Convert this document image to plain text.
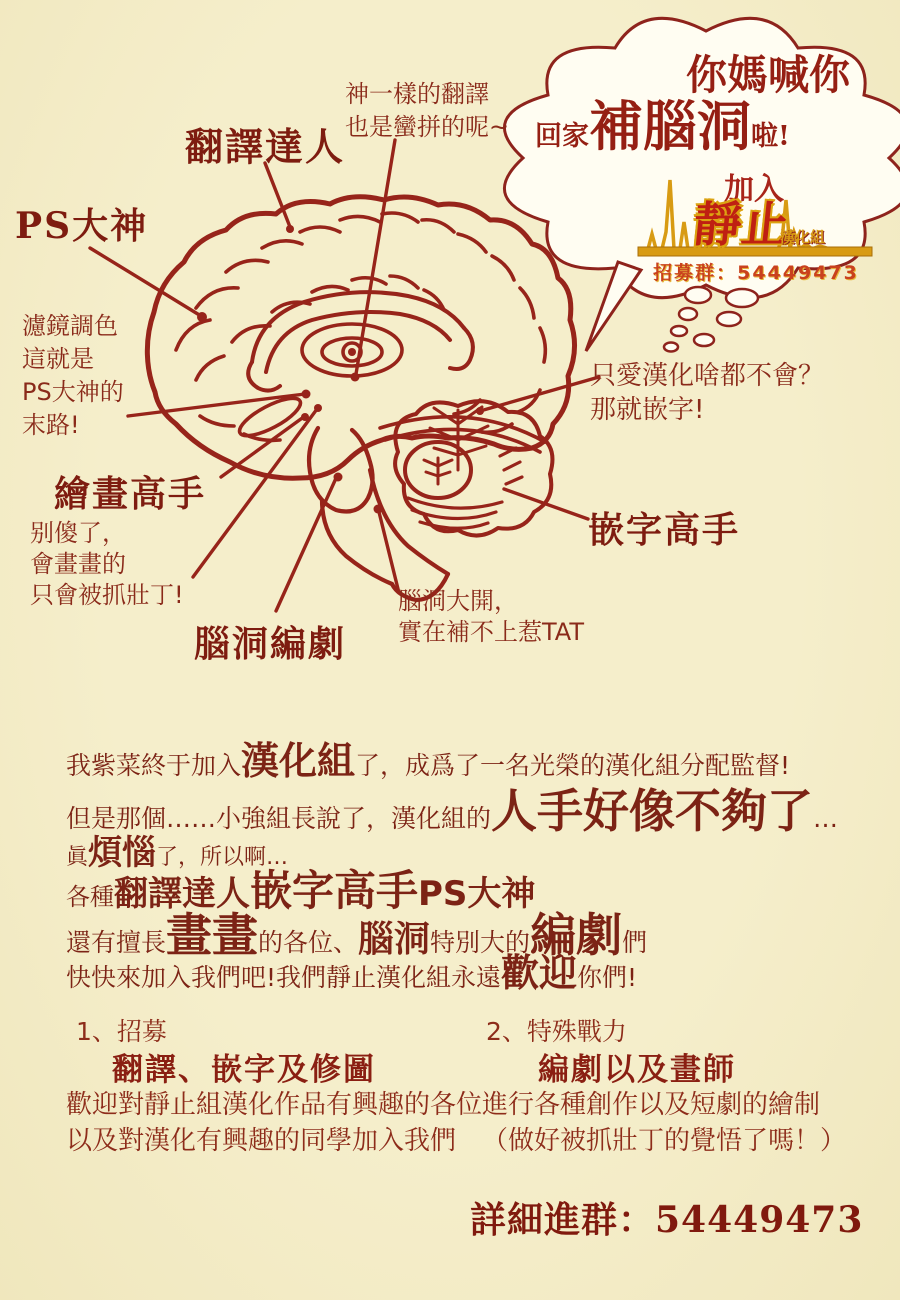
你媽喊你
回家 補腦洞 啦!
加入
靜止
漢化組
招募群：54449473
翻譯達人
神一樣的翻譯
也是蠻拼的呢~
PS大神
濾鏡調色
這就是
PS大神的
末路!
繪畫高手
别傻了，
會畫畫的
只會被抓壯丁!
腦洞編劇
腦洞大開，
實在補不上惹TAT
嵌字高手
只愛漢化啥都不會？
那就嵌字!
我紫菜終于加入漢化組了，成爲了一名光榮的漢化組分配監督!
但是那個……小強組長說了，漢化組的人手好像不夠了…
眞煩惱了，所以啊…
各種翻譯達人嵌字高手PS大神
還有擅長畫畫的各位、腦洞特別大的編劇們
快快來加入我們吧!我們靜止漢化組永遠歡迎你們!
1、招募
翻譯、嵌字及修圖
歡迎對靜止組漢化作品有興趣的各位
以及對漢化有興趣的同學加入我們
2、特殊戰力
編劇以及畫師
進行各種創作以及短劇的繪制
（做好被抓壯丁的覺悟了嗎！）
詳細進群：54449473
